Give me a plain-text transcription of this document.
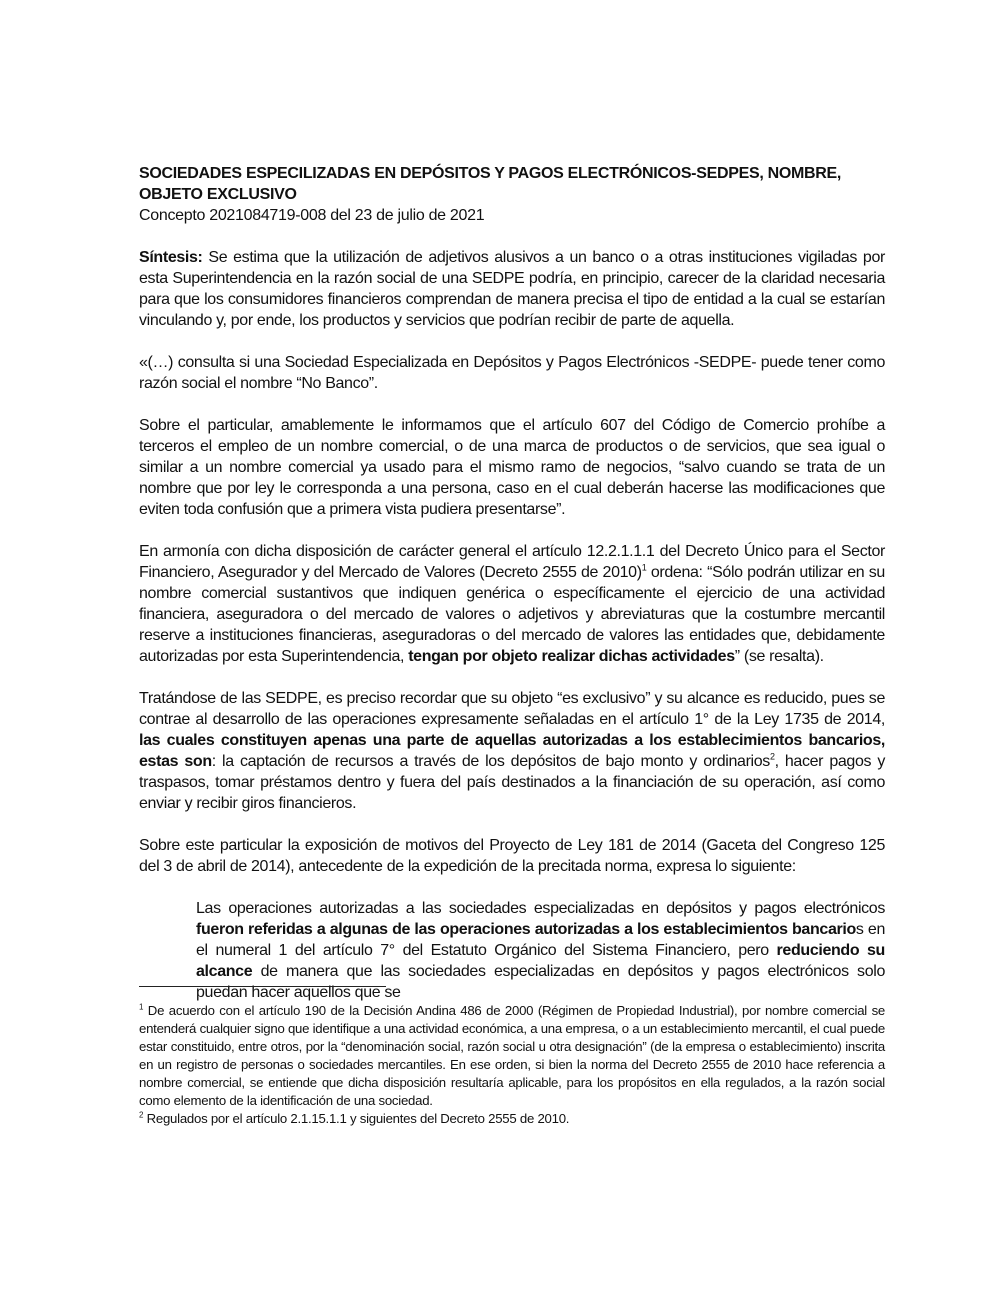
SOCIEDADES ESPECILIZADAS EN DEPÓSITOS Y PAGOS ELECTRÓNICOS-SEDPES, NOMBRE, OBJETO EXCLUSIVO
Concepto 2021084719-008 del 23 de julio de 2021

Síntesis: Se estima que la utilización de adjetivos alusivos a un banco o a otras instituciones vigiladas por esta Superintendencia en la razón social de una SEDPE podría, en principio, carecer de la claridad necesaria para que los consumidores financieros comprendan de manera precisa el tipo de entidad a la cual se estarían vinculando y, por ende, los productos y servicios que podrían recibir de parte de aquella.

«(…) consulta si una Sociedad Especializada en Depósitos y Pagos Electrónicos -SEDPE- puede tener como razón social el nombre “No Banco”.

Sobre el particular, amablemente le informamos que el artículo 607 del Código de Comercio prohíbe a terceros el empleo de un nombre comercial, o de una marca de productos o de servicios, que sea igual o similar a un nombre comercial ya usado para el mismo ramo de negocios, “salvo cuando se trata de un nombre que por ley le corresponda a una persona, caso en el cual deberán hacerse las modificaciones que eviten toda confusión que a primera vista pudiera presentarse”.

En armonía con dicha disposición de carácter general el artículo 12.2.1.1.1 del Decreto Único para el Sector Financiero, Asegurador y del Mercado de Valores (Decreto 2555 de 2010)$^1$ ordena: “Sólo podrán utilizar en su nombre comercial sustantivos que indiquen genérica o específicamente el ejercicio de una actividad financiera, aseguradora o del mercado de valores o adjetivos y abreviaturas que la costumbre mercantil reserve a instituciones financieras, aseguradoras o del mercado de valores las entidades que, debidamente autorizadas por esta Superintendencia, tengan por objeto realizar dichas actividades” (se resalta).

Tratándose de las SEDPE, es preciso recordar que su objeto “es exclusivo” y su alcance es reducido, pues se contrae al desarrollo de las operaciones expresamente señaladas en el artículo 1° de la Ley 1735 de 2014, las cuales constituyen apenas una parte de aquellas autorizadas a los establecimientos bancarios, estas son: la captación de recursos a través de los depósitos de bajo monto y ordinarios$^2$, hacer pagos y traspasos, tomar préstamos dentro y fuera del país destinados a la financiación de su operación, así como enviar y recibir giros financieros.

Sobre este particular la exposición de motivos del Proyecto de Ley 181 de 2014 (Gaceta del Congreso 125 del 3 de abril de 2014), antecedente de la expedición de la precitada norma, expresa lo siguiente:

Las operaciones autorizadas a las sociedades especializadas en depósitos y pagos electrónicos fueron referidas a algunas de las operaciones autorizadas a los establecimientos bancarios en el numeral 1 del artículo 7° del Estatuto Orgánico del Sistema Financiero, pero reduciendo su alcance de manera que las sociedades especializadas en depósitos y pagos electrónicos solo puedan hacer aquellos que se

$^1$ De acuerdo con el artículo 190 de la Decisión Andina 486 de 2000 (Régimen de Propiedad Industrial), por nombre comercial se entenderá cualquier signo que identifique a una actividad económica, a una empresa, o a un establecimiento mercantil, el cual puede estar constituido, entre otros, por la “denominación social, razón social u otra designación” (de la empresa o establecimiento) inscrita en un registro de personas o sociedades mercantiles. En ese orden, si bien la norma del Decreto 2555 de 2010 hace referencia a nombre comercial, se entiende que dicha disposición resultaría aplicable, para los propósitos en ella regulados, a la razón social como elemento de la identificación de una sociedad.

$^2$ Regulados por el artículo 2.1.15.1.1 y siguientes del Decreto 2555 de 2010.
